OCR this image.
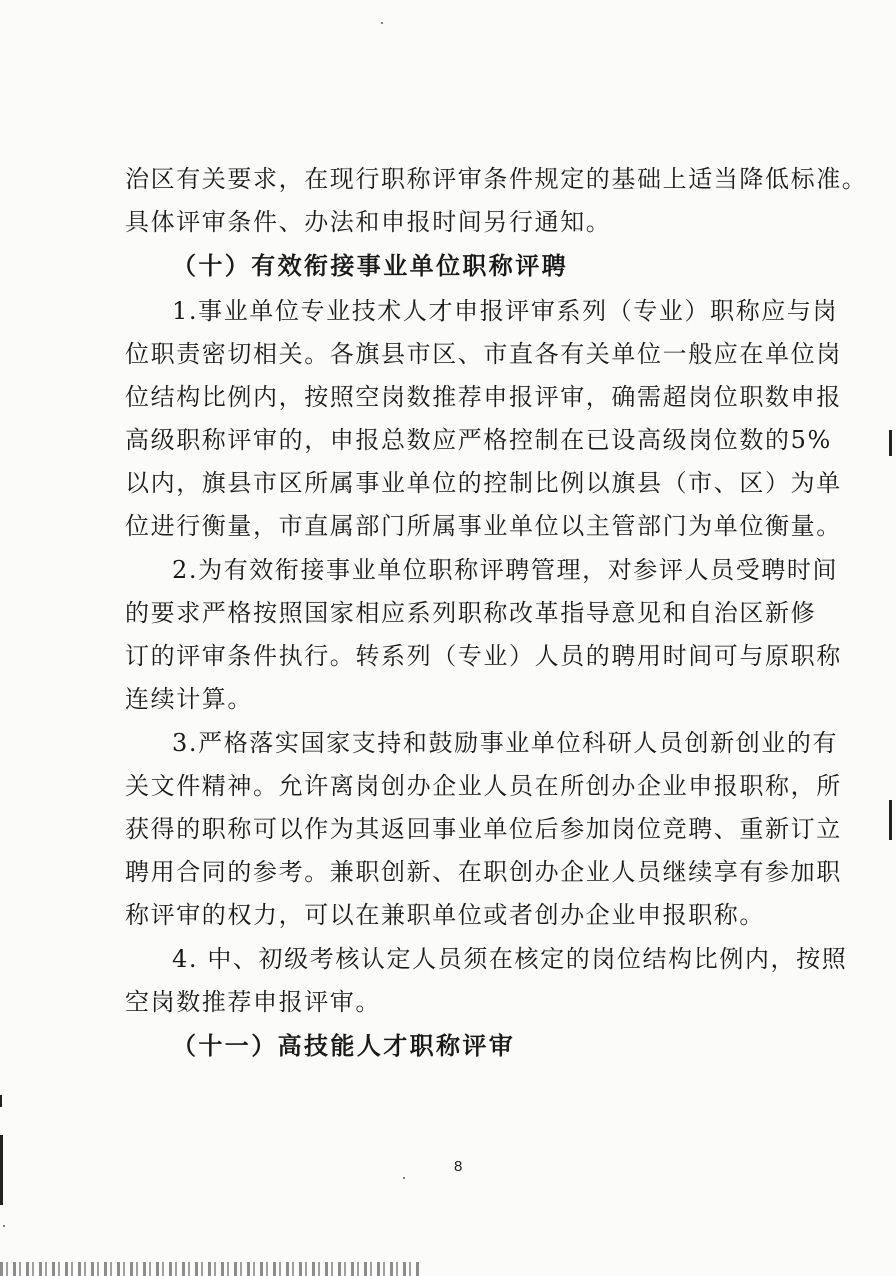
治区有关要求，在现行职称评审条件规定的基础上适当降低标准。
具体评审条件、办法和申报时间另行通知。
（十）有效衔接事业单位职称评聘
1.事业单位专业技术人才申报评审系列（专业）职称应与岗
位职责密切相关。各旗县市区、市直各有关单位一般应在单位岗
位结构比例内，按照空岗数推荐申报评审，确需超岗位职数申报
高级职称评审的，申报总数应严格控制在已设高级岗位数的5%
以内，旗县市区所属事业单位的控制比例以旗县（市、区）为单
位进行衡量，市直属部门所属事业单位以主管部门为单位衡量。
2.为有效衔接事业单位职称评聘管理，对参评人员受聘时间
的要求严格按照国家相应系列职称改革指导意见和自治区新修
订的评审条件执行。转系列（专业）人员的聘用时间可与原职称
连续计算。
3.严格落实国家支持和鼓励事业单位科研人员创新创业的有
关文件精神。允许离岗创办企业人员在所创办企业申报职称，所
获得的职称可以作为其返回事业单位后参加岗位竞聘、重新订立
聘用合同的参考。兼职创新、在职创办企业人员继续享有参加职
称评审的权力，可以在兼职单位或者创办企业申报职称。
4. 中、初级考核认定人员须在核定的岗位结构比例内，按照
空岗数推荐申报评审。
（十一）高技能人才职称评审
8
